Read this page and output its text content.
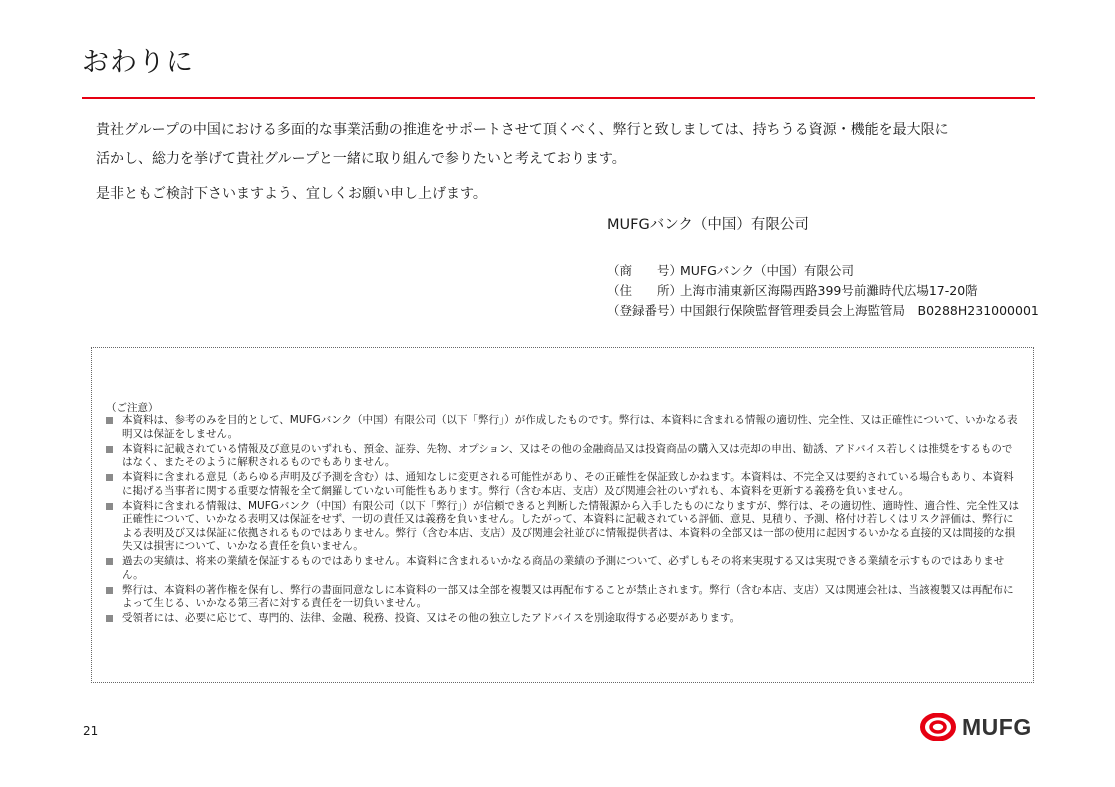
おわりに
貴社グループの中国における多面的な事業活動の推進をサポートさせて頂くべく、弊行と致しましては、持ちうる資源・機能を最大限に
活かし、総力を挙げて貴社グループと一緒に取り組んで参りたいと考えております。
是非ともご検討下さいますよう、宜しくお願い申し上げます。
MUFGバンク（中国）有限公司
（商　　号）
MUFGバンク（中国）有限公司
（住　　所）
上海市浦東新区海陽西路399号前灘時代広場17-20階
（登録番号）
中国銀行保険監督管理委員会上海監管局　B0288H231000001
（ご注意）
本資料は、参考のみを目的として、MUFGバンク（中国）有限公司（以下「弊行」）が作成したものです。弊行は、本資料に含まれる情報の適切性、完全性、又は正確性について、いかなる表明又は保証をしません。
本資料に記載されている情報及び意見のいずれも、預金、証券、先物、オプション、又はその他の金融商品又は投資商品の購入又は売却の申出、勧誘、アドバイス若しくは推奨をするものではなく、またそのように解釈されるものでもありません。
本資料に含まれる意見（あらゆる声明及び予測を含む）は、通知なしに変更される可能性があり、その正確性を保証致しかねます。本資料は、不完全又は要約されている場合もあり、本資料に掲げる当事者に関する重要な情報を全て網羅していない可能性もあります。弊行（含む本店、支店）及び関連会社のいずれも、本資料を更新する義務を負いません。
本資料に含まれる情報は、MUFGバンク（中国）有限公司（以下「弊行」）が信頼できると判断した情報源から入手したものになりますが、弊行は、その適切性、適時性、適合性、完全性又は正確性について、いかなる表明又は保証をせず、一切の責任又は義務を負いません。したがって、本資料に記載されている評価、意見、見積り、予測、格付け若しくはリスク評価は、弊行による表明及び又は保証に依拠されるものではありません。弊行（含む本店、支店）及び関連会社並びに情報提供者は、本資料の全部又は一部の使用に起因するいかなる直接的又は間接的な損失又は損害について、いかなる責任を負いません。
過去の実績は、将来の業績を保証するものではありません。本資料に含まれるいかなる商品の業績の予測について、必ずしもその将来実現する又は実現できる業績を示すものではありません。
弊行は、本資料の著作権を保有し、弊行の書面同意なしに本資料の一部又は全部を複製又は再配布することが禁止されます。弊行（含む本店、支店）又は関連会社は、当該複製又は再配布によって生じる、いかなる第三者に対する責任を一切負いません。
受領者には、必要に応じて、専門的、法律、金融、税務、投資、又はその他の独立したアドバイスを別途取得する必要があります。
21	MUFG
